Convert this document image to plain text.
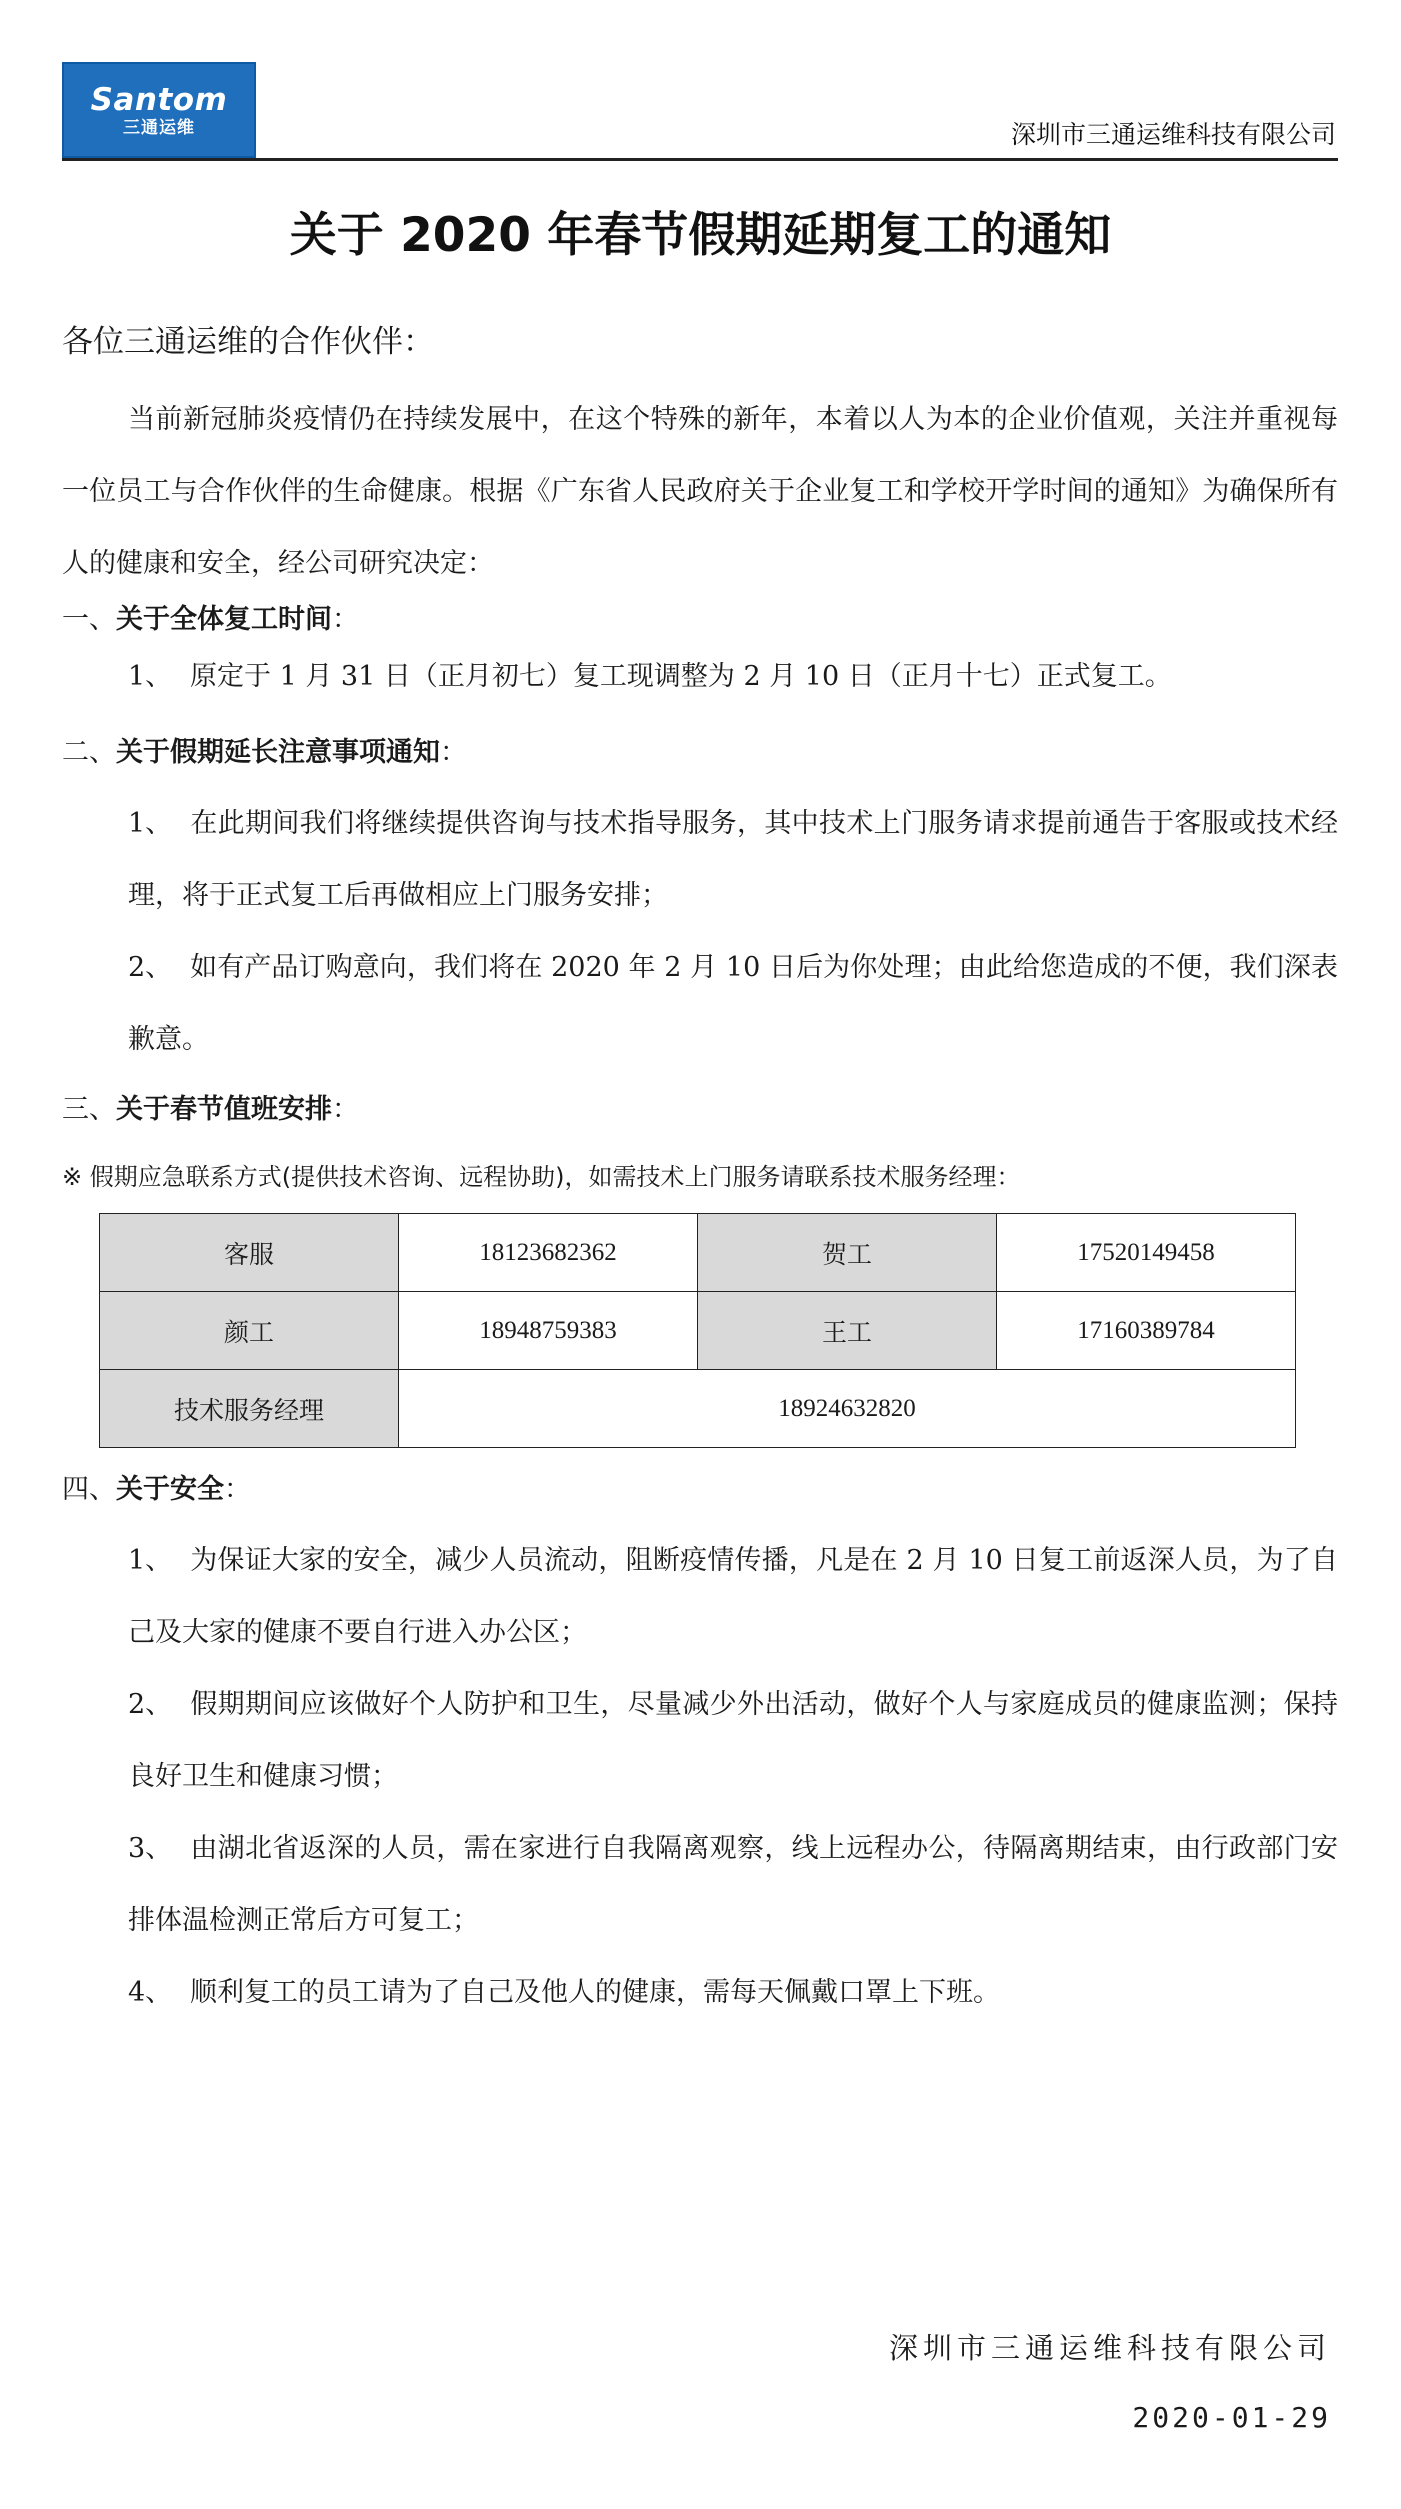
Santom
三通运维	深圳市三通运维科技有限公司
关于 2020 年春节假期延期复工的通知
各位三通运维的合作伙伴：
当前新冠肺炎疫情仍在持续发展中，在这个特殊的新年，本着以人为本的企业价值观，关注并重视每一位员工与合作伙伴的生命健康。根据《广东省人民政府关于企业复工和学校开学时间的通知》为确保所有人的健康和安全，经公司研究决定：
一、关于全体复工时间：
1、 原定于 1 月 31 日（正月初七）复工现调整为 2 月 10 日（正月十七）正式复工。
二、关于假期延长注意事项通知：
1、 在此期间我们将继续提供咨询与技术指导服务，其中技术上门服务请求提前通告于客服或技术经理，将于正式复工后再做相应上门服务安排；
2、 如有产品订购意向，我们将在 2020 年 2 月 10 日后为你处理；由此给您造成的不便，我们深表歉意。
三、关于春节值班安排：
※ 假期应急联系方式(提供技术咨询、远程协助)，如需技术上门服务请联系技术服务经理：
客服	18123682362	贺工	17520149458
颜工	18948759383	王工	17160389784
技术服务经理	18924632820		
四、关于安全：
1、 为保证大家的安全，减少人员流动，阻断疫情传播，凡是在 2 月 10 日复工前返深人员，为了自己及大家的健康不要自行进入办公区；
2、 假期期间应该做好个人防护和卫生，尽量减少外出活动，做好个人与家庭成员的健康监测；保持良好卫生和健康习惯；
3、 由湖北省返深的人员，需在家进行自我隔离观察，线上远程办公，待隔离期结束，由行政部门安排体温检测正常后方可复工；
4、 顺利复工的员工请为了自己及他人的健康，需每天佩戴口罩上下班。
深圳市三通运维科技有限公司
2020-01-29
